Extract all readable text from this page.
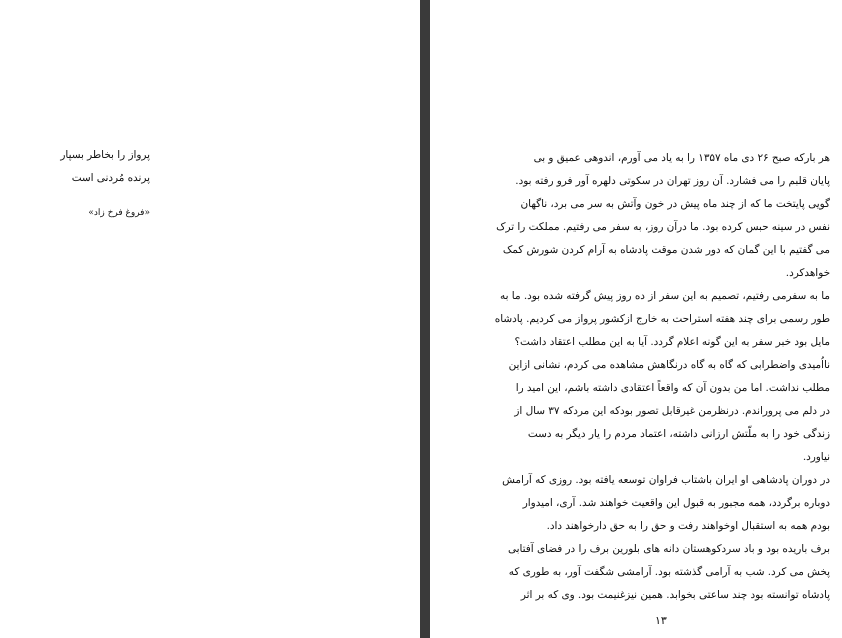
پرواز را بخاطر بسپار
پرنده مُردنی است
«فروغ فرخ زاد»
هر بارکه صبح ۲۶ دی ماه ۱۳۵۷ را به یاد می آورم، اندوهی عمیق و بی
پایان قلبم را می فشارد. آن روز تهران در سکوتی دلهره آور فرو رفته بود.
گویی پایتخت ما که از چند ماه پیش در خون وآتش به سر می برد، ناگهان
نفس در سینه حبس کرده بود. ما درآن روز، به سفر می رفتیم. مملکت را ترک
می گفتیم با این گمان که دور شدن موقت پادشاه به آرام کردن شورش کمک
خواهدکرد.
ما به سفرمی رفتیم، تصمیم به این سفر از ده روز پیش گرفته شده بود. ما به
طور رسمی برای چند هفته استراحت به خارج ازکشور پرواز می کردیم. پادشاه
مایل بود خبر سفر به این گونه اعلام گردد. آیا به این مطلب اعتقاد داشت؟
نااُمیدی واضطرابی که گاه به گاه درنگاهش مشاهده می کردم، نشانی ازاین
مطلب نداشت. اما من بدون آن که واقعاً اعتقادی داشته باشم، این امید را
در دلم می پروراندم. درنظرمن غیرقابل تصور بودکه این مردکه ۳۷ سال از
زندگی خود را به ملّتش ارزانی داشته، اعتماد مردم را یار دیگر به دست
نیاورد.
در دوران پادشاهی او ایران باشتاب فراوان توسعه یافته بود. روزی که آرامش
دوباره برگردد، همه مجبور به قبول این واقعیت خواهند شد. آری، امیدوار
بودم همه به استقبال اوخواهند رفت و حق را به حق دارخواهند داد.
برف باریده بود و باد سردکوهستان دانه های بلورین برف را در فضای آفتابی
پخش می کرد. شب به آرامی گذشته بود. آرامشی شگفت آور، به طوری که
پادشاه توانسته بود چند ساعتی بخوابد. همین نیزغنیمت بود. وی که بر اثر
۱۳
